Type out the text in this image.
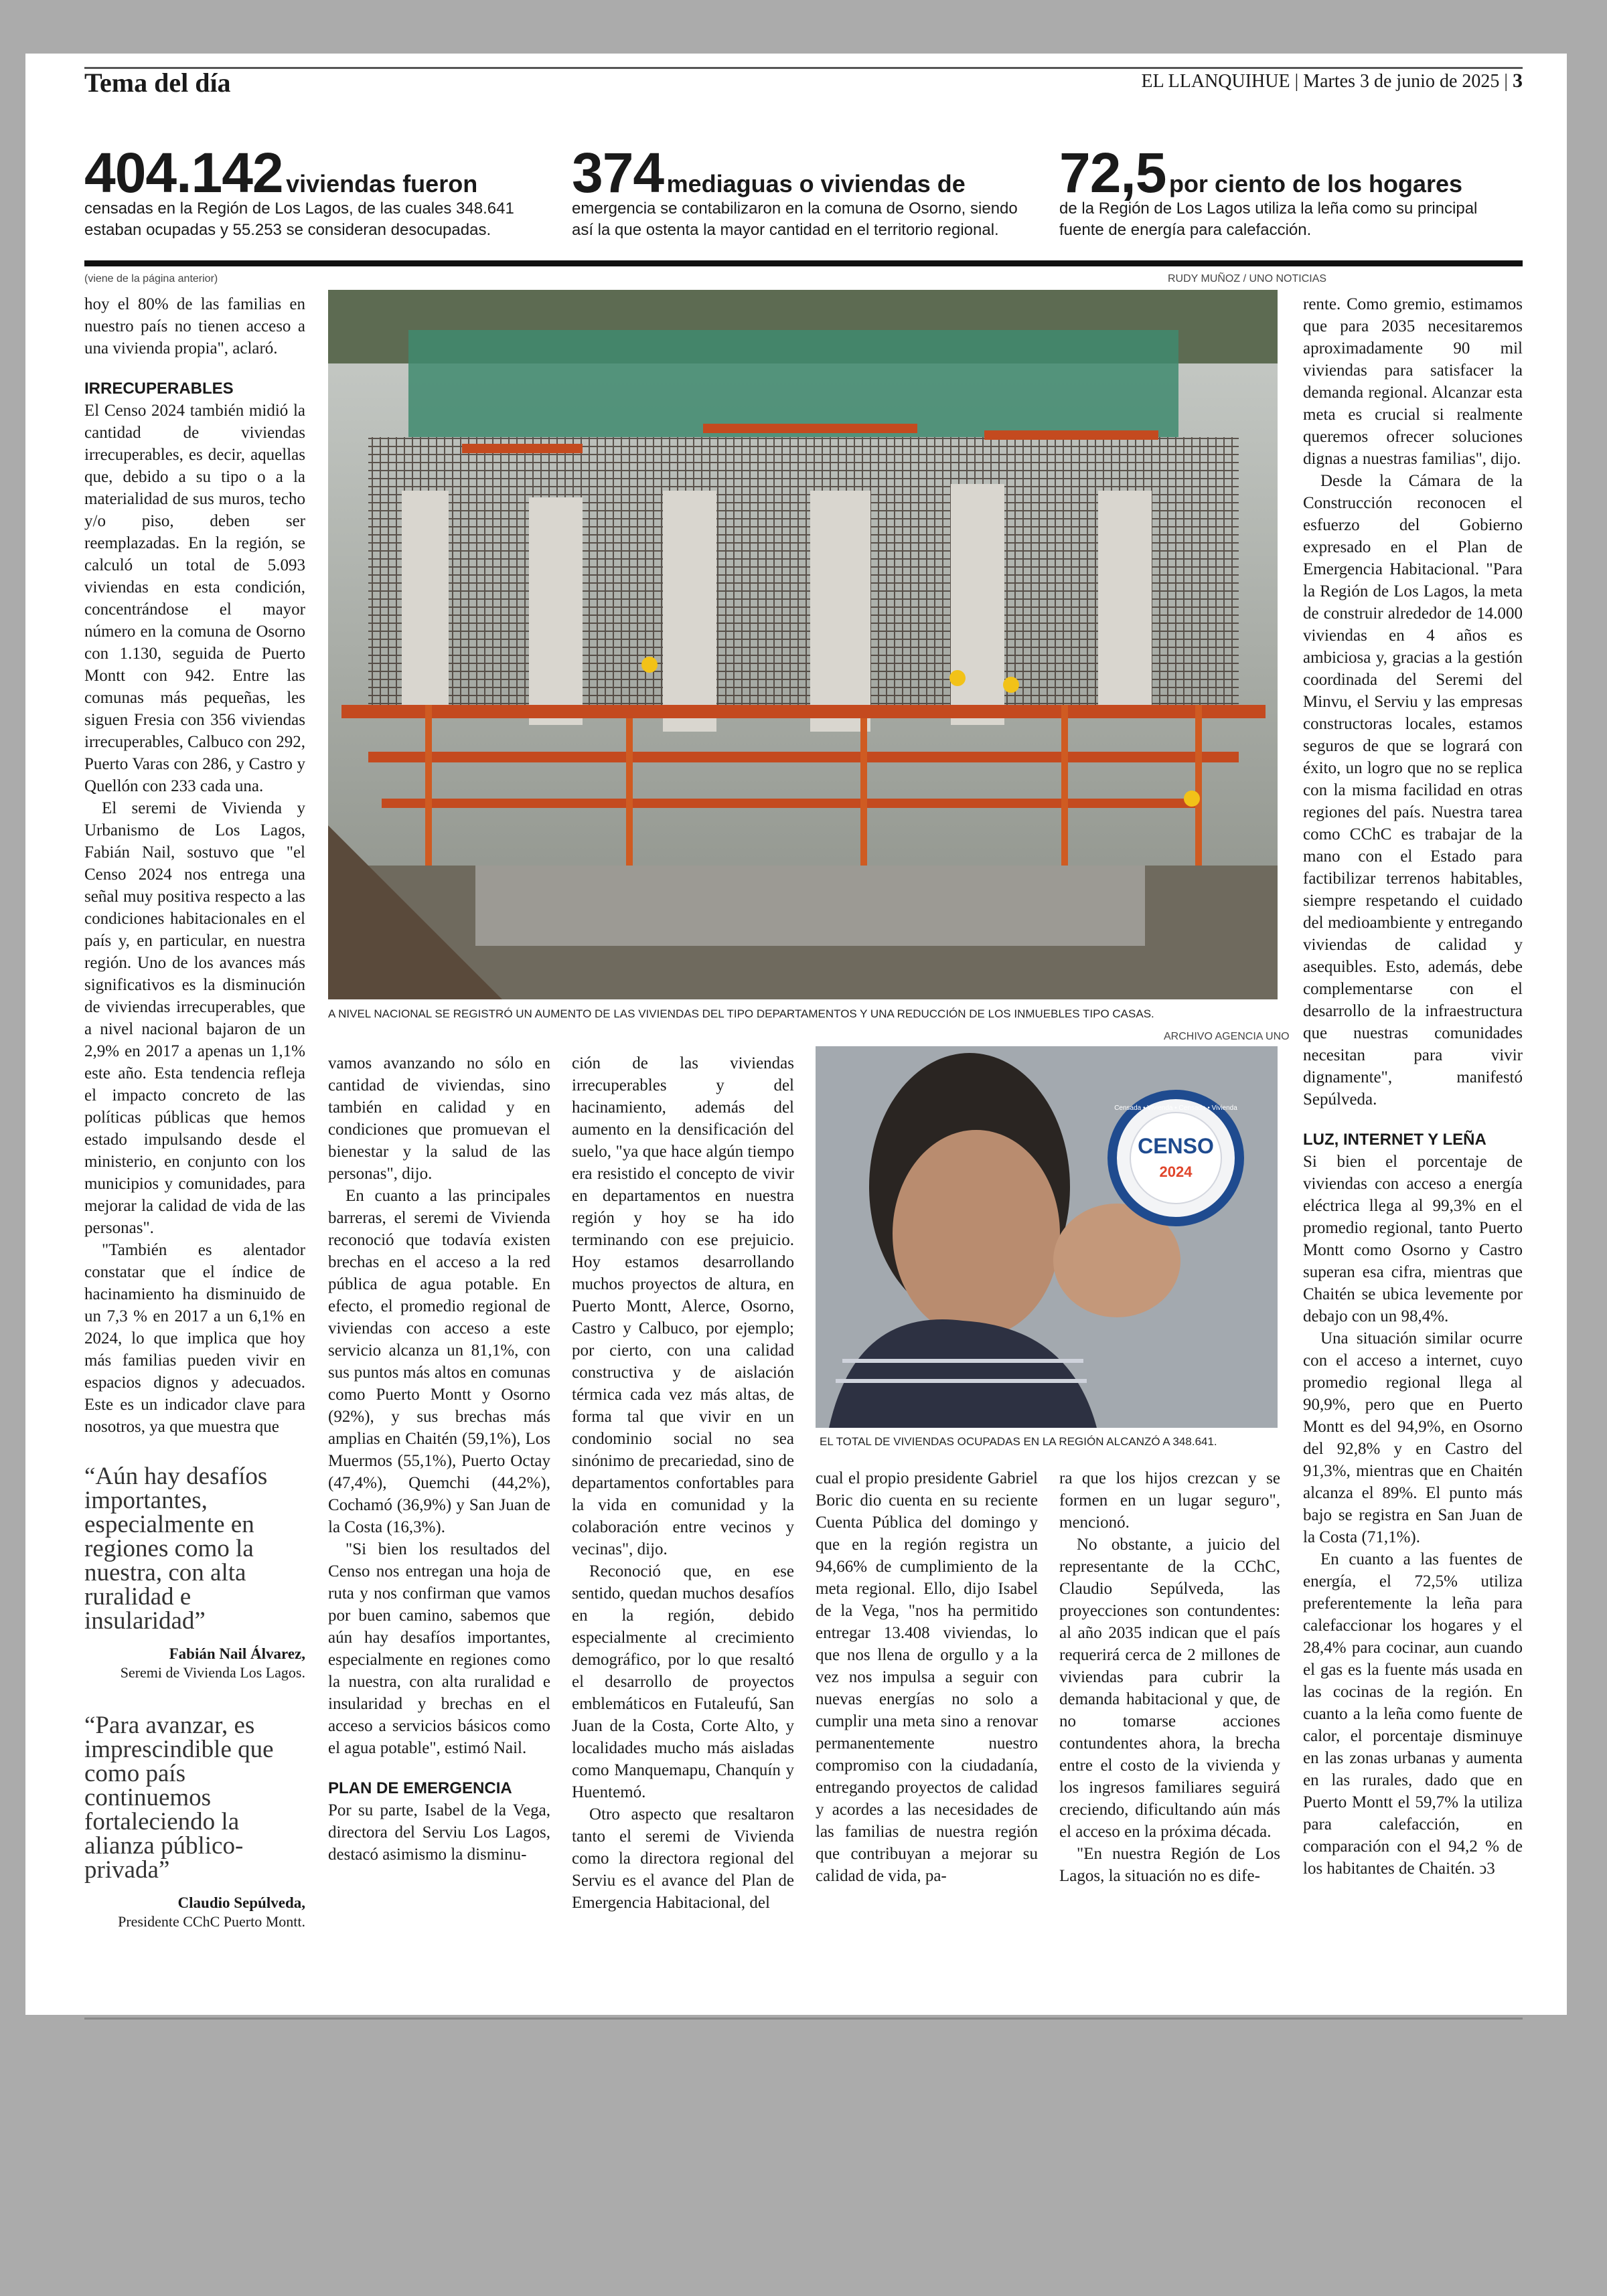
Tema del día	EL LLANQUIHUE | Martes 3 de junio de 2025 | 3
404.142 viviendas fueron
censadas en la Región de Los Lagos, de las cuales 348.641 estaban ocupadas y 55.253 se consideran desocupadas.
374 mediaguas o viviendas de
emergencia se contabilizaron en la comuna de Osorno, siendo así la que ostenta la mayor cantidad en el territorio regional.
72,5 por ciento de los hogares
de la Región de Los Lagos utiliza la leña como su principal fuente de energía para calefacción.
(viene de la página anterior)	RUDY MUÑOZ / UNO NOTICIAS
A NIVEL NACIONAL SE REGISTRÓ UN AUMENTO DE LAS VIVIENDAS DEL TIPO DEPARTAMENTOS Y UNA REDUCCIÓN DE LOS INMUEBLES TIPO CASAS.
ARCHIVO AGENCIA UNO
CENSO
2024
Censada • Vivienda • Censada • Vivienda
EL TOTAL DE VIVIENDAS OCUPADAS EN LA REGIÓN ALCANZÓ A 348.641.

hoy el 80% de las familias en nuestro país no tienen acceso a una vivienda propia", aclaró.

IRRECUPERABLES

El Censo 2024 también midió la cantidad de viviendas irrecuperables, es decir, aquellas que, debido a su tipo o a la materialidad de sus muros, techo y/o piso, deben ser reemplazadas. En la región, se calculó un total de 5.093 viviendas en esta condición, concentrándose el mayor número en la comuna de Osorno con 1.130, seguida de Puerto Montt con 942. Entre las comunas más pequeñas, les siguen Fresia con 356 viviendas irrecuperables, Calbuco con 292, Puerto Varas con 286, y Castro y Quellón con 233 cada una.

El seremi de Vivienda y Urbanismo de Los Lagos, Fabián Nail, sostuvo que "el Censo 2024 nos entrega una señal muy positiva respecto a las condiciones habitacionales en el país y, en particular, en nuestra región. Uno de los avances más significativos es la disminución de viviendas irrecuperables, que a nivel nacional bajaron de un 2,9% en 2017 a apenas un 1,1% este año. Esta tendencia refleja el impacto concreto de las políticas públicas que hemos estado impulsando desde el ministerio, en conjunto con los municipios y comunidades, para mejorar la calidad de vida de las personas".

"También es alentador constatar que el índice de hacinamiento ha disminuido de un 7,3 % en 2017 a un 6,1% en 2024, lo que implica que hoy más familias pueden vivir en espacios dignos y adecuados. Este es un indicador clave para nosotros, ya que muestra que

“Aún hay desafíos importantes, especialmente en regiones como la nuestra, con alta ruralidad e insularidad”
Fabián Nail Álvarez,
Seremi de Vivienda Los Lagos.
“Para avanzar, es imprescindible que como país continuemos fortaleciendo la alianza público-privada”
Claudio Sepúlveda,
Presidente CChC Puerto Montt.

vamos avanzando no sólo en cantidad de viviendas, sino también en calidad y en condiciones que promuevan el bienestar y la salud de las personas", dijo.

En cuanto a las principales barreras, el seremi de Vivienda reconoció que todavía existen brechas en el acceso a la red pública de agua potable. En efecto, el promedio regional de viviendas con acceso a este servicio alcanza un 81,1%, con sus puntos más altos en comunas como Puerto Montt y Osorno (92%), y sus brechas más amplias en Chaitén (59,1%), Los Muermos (55,1%), Puerto Octay (47,4%), Quemchi (44,2%), Cochamó (36,9%) y San Juan de la Costa (16,3%).

"Si bien los resultados del Censo nos entregan una hoja de ruta y nos confirman que vamos por buen camino, sabemos que aún hay desafíos importantes, especialmente en regiones como la nuestra, con alta ruralidad e insularidad y brechas en el acceso a servicios básicos como el agua potable", estimó Nail.

PLAN DE EMERGENCIA

Por su parte, Isabel de la Vega, directora del Serviu Los Lagos, destacó asimismo la disminu-

ción de las viviendas irrecuperables y del hacinamiento, además del aumento en la densificación del suelo, "ya que hace algún tiempo era resistido el concepto de vivir en departamentos en nuestra región y hoy se ha ido terminando con ese prejuicio. Hoy estamos desarrollando muchos proyectos de altura, en Puerto Montt, Alerce, Osorno, Castro y Calbuco, por ejemplo; por cierto, con una calidad constructiva y de aislación térmica cada vez más altas, de forma tal que vivir en un condominio social no sea sinónimo de precariedad, sino de departamentos confortables para la vida en comunidad y la colaboración entre vecinos y vecinas", dijo.

Reconoció que, en ese sentido, quedan muchos desafíos en la región, debido especialmente al crecimiento demográfico, por lo que resaltó el desarrollo de proyectos emblemáticos en Futaleufú, San Juan de la Costa, Corte Alto, y localidades mucho más aisladas como Manquemapu, Chanquín y Huentemó.

Otro aspecto que resaltaron tanto el seremi de Vivienda como la directora regional del Serviu es el avance del Plan de Emergencia Habitacional, del

cual el propio presidente Gabriel Boric dio cuenta en su reciente Cuenta Pública del domingo y que en la región registra un 94,66% de cumplimiento de la meta regional. Ello, dijo Isabel de la Vega, "nos ha permitido entregar 13.408 viviendas, lo que nos llena de orgullo y a la vez nos impulsa a seguir con nuevas energías no solo a cumplir una meta sino a renovar permanentemente nuestro compromiso con la ciudadanía, entregando proyectos de calidad y acordes a las necesidades de las familias de nuestra región que contribuyan a mejorar su calidad de vida, pa-

ra que los hijos crezcan y se formen en un lugar seguro", mencionó.

No obstante, a juicio del representante de la CChC, Claudio Sepúlveda, las proyecciones son contundentes: al año 2035 indican que el país requerirá cerca de 2 millones de viviendas para cubrir la demanda habitacional y que, de no tomarse acciones contundentes ahora, la brecha entre el costo de la vivienda y los ingresos familiares seguirá creciendo, dificultando aún más el acceso en la próxima década.

"En nuestra Región de Los Lagos, la situación no es dife-

rente. Como gremio, estimamos que para 2035 necesitaremos aproximadamente 90 mil viviendas para satisfacer la demanda regional. Alcanzar esta meta es crucial si realmente queremos ofrecer soluciones dignas a nuestras familias", dijo.

Desde la Cámara de la Construcción reconocen el esfuerzo del Gobierno expresado en el Plan de Emergencia Habitacional. "Para la Región de Los Lagos, la meta de construir alrededor de 14.000 viviendas en 4 años es ambiciosa y, gracias a la gestión coordinada del Seremi del Minvu, el Serviu y las empresas constructoras locales, estamos seguros de que se logrará con éxito, un logro que no se replica con la misma facilidad en otras regiones del país. Nuestra tarea como CChC es trabajar de la mano con el Estado para factibilizar terrenos habitables, siempre respetando el cuidado del medioambiente y entregando viviendas de calidad y asequibles. Esto, además, debe complementarse con el desarrollo de la infraestructura que nuestras comunidades necesitan para vivir dignamente", manifestó Sepúlveda.

LUZ, INTERNET Y LEÑA

Si bien el porcentaje de viviendas con acceso a energía eléctrica llega al 99,3% en el promedio regional, tanto Puerto Montt como Osorno y Castro superan esa cifra, mientras que Chaitén se ubica levemente por debajo con un 98,4%.

Una situación similar ocurre con el acceso a internet, cuyo promedio regional llega al 90,9%, pero que en Puerto Montt es del 94,9%, en Osorno del 92,8% y en Castro del 91,3%, mientras que en Chaitén alcanza el 89%. El punto más bajo se registra en San Juan de la Costa (71,1%).

En cuanto a las fuentes de energía, el 72,5% utiliza preferentemente la leña para calefaccionar los hogares y el 28,4% para cocinar, aun cuando el gas es la fuente más usada en las cocinas de la región. En cuanto a la leña como fuente de calor, el porcentaje disminuye en las zonas urbanas y aumenta en las rurales, dado que en Puerto Montt el 59,7% la utiliza para calefacción, en comparación con el 94,2 % de los habitantes de Chaitén. ↄ3
